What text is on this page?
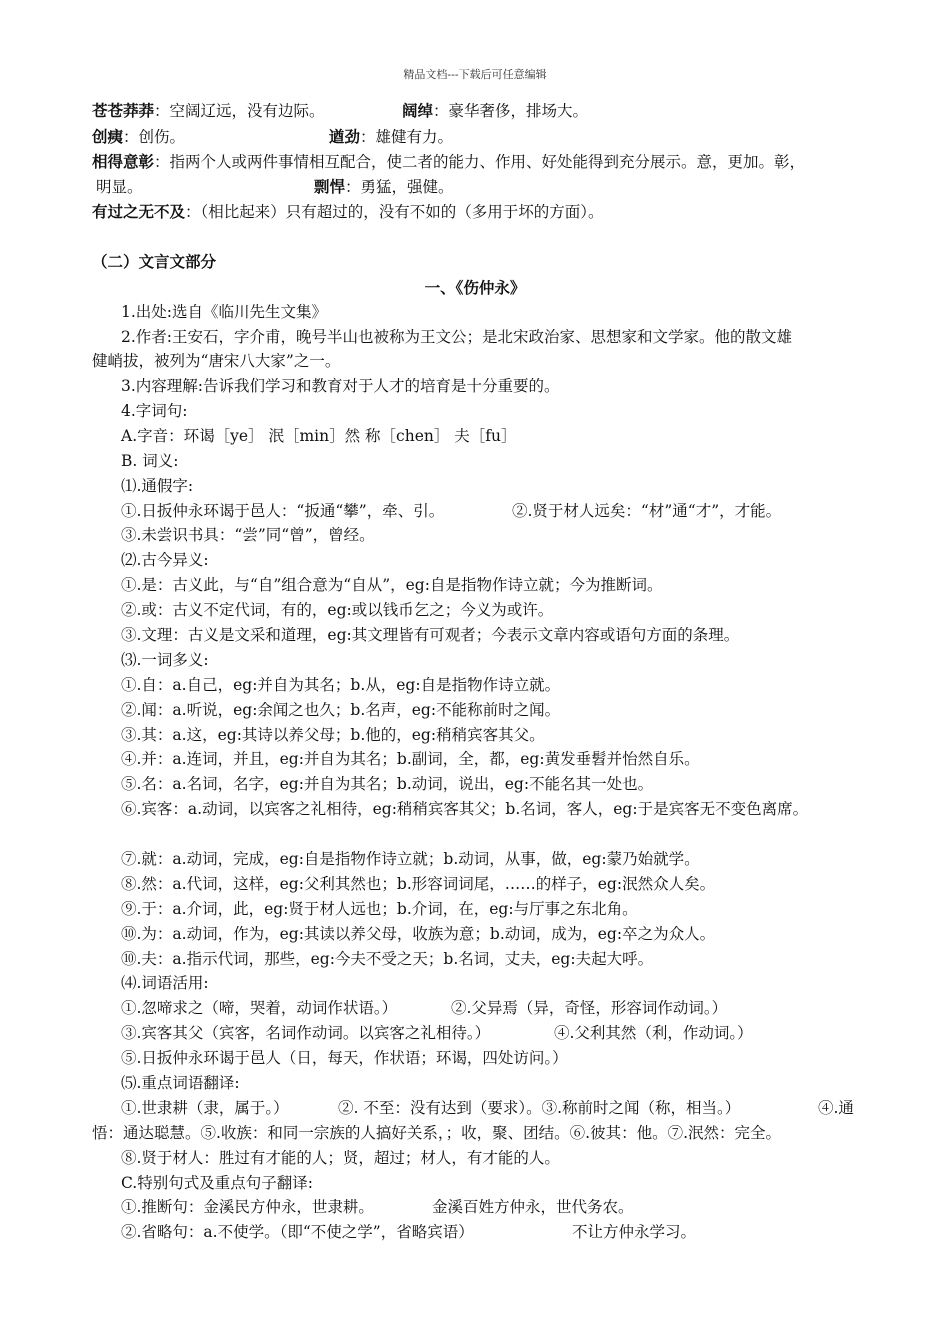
精品文档---下载后可任意编辑
苍苍莽莽：空阔辽远，没有边际。	阔绰：豪华奢侈，排场大。
创痍：创伤。	遒劲：雄健有力。
相得意彰：指两个人或两件事情相互配合，使二者的能力、作用、好处能得到充分展示。意，更加。彰，
明显。	剽悍：勇猛，强健。
有过之无不及：（相比起来）只有超过的，没有不如的（多用于坏的方面）。
（二）文言文部分
一、《伤仲永》
1.出处:选自《临川先生文集》
2.作者:王安石，字介甫，晚号半山也被称为王文公；是北宋政治家、思想家和文学家。他的散文雄
健峭拔，被列为“唐宋八大家”之一。
3.内容理解:告诉我们学习和教育对于人才的培育是十分重要的。
4.字词句:
A.字音：环谒［ye］ 泯［min］然 称［chen］ 夫［fu］
B. 词义:
⑴.通假字:
①.日扳仲永环谒于邑人：“扳通“攀”，牵、引。	②.贤于材人远矣：“材”通“才”，才能。
③.未尝识书具：“尝”同“曾”，曾经。
⑵.古今异义:
①.是：古义此，与“自”组合意为“自从”，eg:自是指物作诗立就；今为推断词。
②.或：古义不定代词，有的，eg:或以钱币乞之；今义为或许。
③.文理：古义是文采和道理，eg:其文理皆有可观者；今表示文章内容或语句方面的条理。
⑶.一词多义:
①.自：a.自己，eg:并自为其名；b.从，eg:自是指物作诗立就。
②.闻：a.听说，eg:余闻之也久；b.名声，eg:不能称前时之闻。
③.其：a.这，eg:其诗以养父母；b.他的，eg:稍稍宾客其父。
④.并：a.连词，并且，eg:并自为其名；b.副词，全，都，eg:黄发垂髫并怡然自乐。
⑤.名：a.名词，名字，eg:并自为其名；b.动词，说出，eg:不能名其一处也。
⑥.宾客：a.动词，以宾客之礼相待，eg:稍稍宾客其父；b.名词，客人，eg:于是宾客无不变色离席。
⑦.就：a.动词，完成，eg:自是指物作诗立就；b.动词，从事，做，eg:蒙乃始就学。
⑧.然：a.代词，这样，eg:父利其然也；b.形容词词尾，……的样子，eg:泯然众人矣。
⑨.于：a.介词，此，eg:贤于材人远也；b.介词，在，eg:与厅事之东北角。
⑩.为：a.动词，作为，eg:其读以养父母，收族为意；b.动词，成为，eg:卒之为众人。
⑩.夫：a.指示代词，那些，eg:今夫不受之天；b.名词，丈夫，eg:夫起大呼。
⑷.词语活用:
①.忽啼求之（啼，哭着，动词作状语。）	②.父异焉（异，奇怪，形容词作动词。）
③.宾客其父（宾客，名词作动词。以宾客之礼相待。）	④.父利其然（利，作动词。）
⑤.日扳仲永环谒于邑人（日，每天，作状语；环谒，四处访问。）
⑸.重点词语翻译:
①.世隶耕（隶，属于。）	②. 不至：没有达到（要求）。③.称前时之闻（称，相当。）	④.通
悟：通达聪慧。⑤.收族：和同一宗族的人搞好关系，；收，聚、团结。⑥.彼其：他。⑦.泯然：完全。
⑧.贤于材人：胜过有才能的人；贤，超过；材人，有才能的人。
C.特别句式及重点句子翻译:
①.推断句：金溪民方仲永，世隶耕。	金溪百姓方仲永，世代务农。
②.省略句：a.不使学。（即“不使之学”，省略宾语）	不让方仲永学习。
